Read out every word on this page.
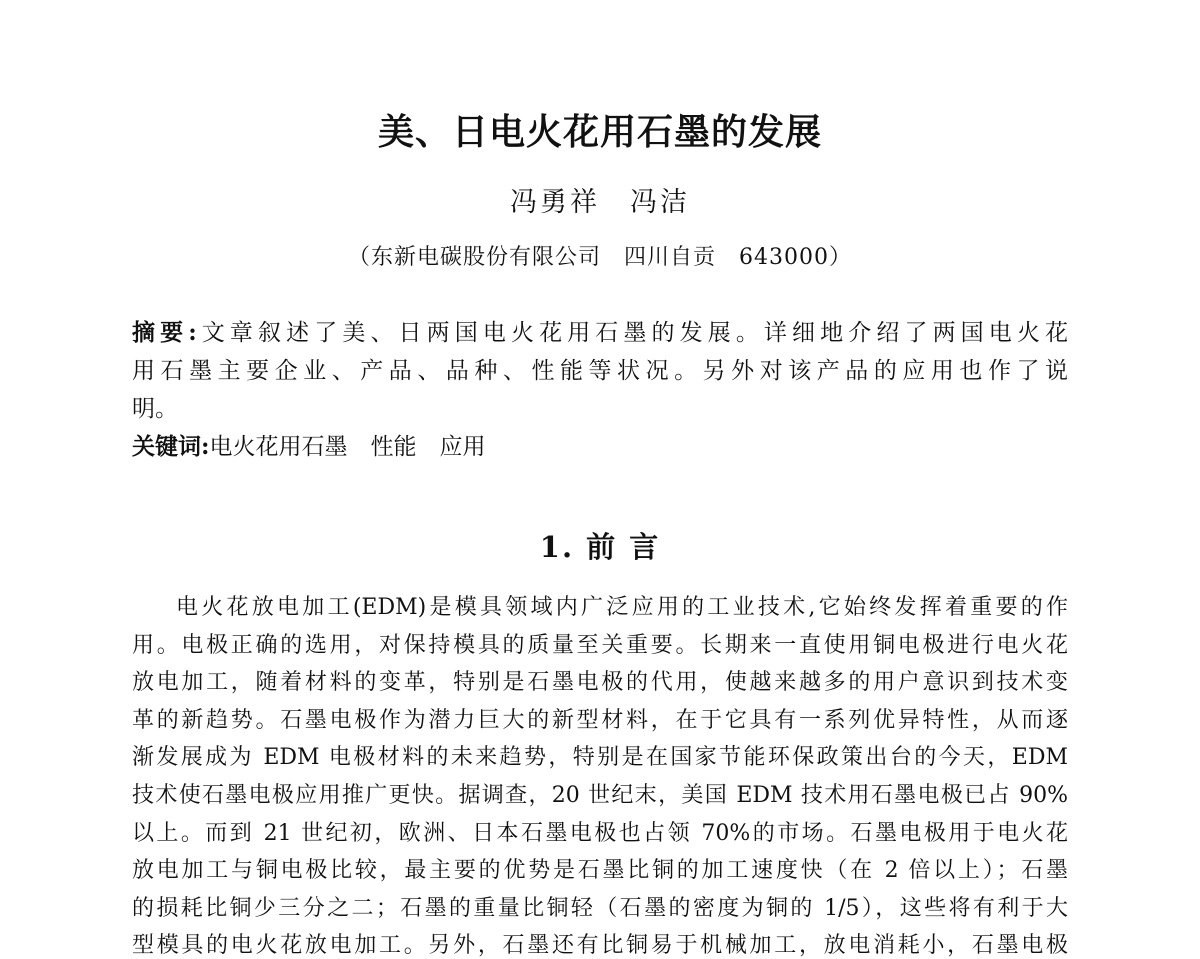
美、日电火花用石墨的发展
冯勇祥　冯洁
（东新电碳股份有限公司　四川自贡　643000）
摘要:文章叙述了美、日两国电火花用石墨的发展。详细地介绍了两国电火花
用石墨主要企业、产品、品种、性能等状况。另外对该产品的应用也作了说
明。
关键词:电火花用石墨　性能　应用
1. 前 言
电火花放电加工(EDM)是模具领域内广泛应用的工业技术,它始终发挥着重要的作
用。电极正确的选用，对保持模具的质量至关重要。长期来一直使用铜电极进行电火花
放电加工，随着材料的变革，特别是石墨电极的代用，使越来越多的用户意识到技术变
革的新趋势。石墨电极作为潜力巨大的新型材料，在于它具有一系列优异特性，从而逐
渐发展成为 EDM 电极材料的未来趋势，特别是在国家节能环保政策出台的今天，EDM
技术使石墨电极应用推广更快。据调查，20 世纪末，美国 EDM 技术用石墨电极已占 90%
以上。而到 21 世纪初，欧洲、日本石墨电极也占领 70%的市场。石墨电极用于电火花
放电加工与铜电极比较，最主要的优势是石墨比铜的加工速度快（在 2 倍以上）；石墨
的损耗比铜少三分之二；石墨的重量比铜轻（石墨的密度为铜的 1/5），这些将有利于大
型模具的电火花放电加工。另外，石墨还有比铜易于机械加工，放电消耗小，石墨电极
